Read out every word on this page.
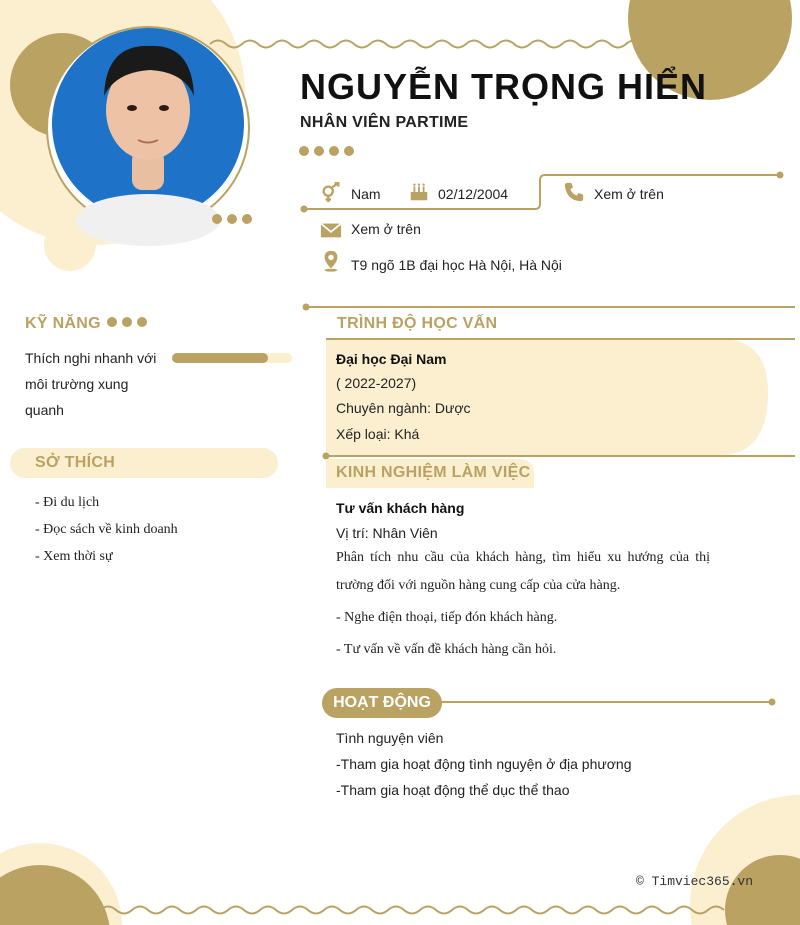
NGUYỄN TRỌNG HIỂN
NHÂN VIÊN PARTIME
Nam	02/12/2004	Xem ở trên
Xem ở trên
T9 ngõ 1B đại học Hà Nội, Hà Nội
KỸ NĂNG
Thích nghi nhanh với
môi trường xung
quanh
SỞ THÍCH
- Đi du lịch
- Đọc sách về kinh doanh
- Xem thời sự
TRÌNH ĐỘ HỌC VẤN
Đại học Đại Nam
( 2022-2027)
Chuyên ngành: Dược
Xếp loại: Khá
KINH NGHIỆM LÀM VIỆC
Tư vấn khách hàng
Vị trí: Nhân Viên
Phân tích nhu cầu của khách hàng, tìm hiểu xu hướng của thị
trường đối với nguồn hàng cung cấp của cửa hàng.
- Nghe điện thoại, tiếp đón khách hàng.
- Tư vấn về vấn đề khách hàng cần hỏi.
HOẠT ĐỘNG
Tình nguyện viên
-Tham gia hoạt động tình nguyện ở địa phương
-Tham gia hoạt động thể dục thể thao
© Timviec365.vn
